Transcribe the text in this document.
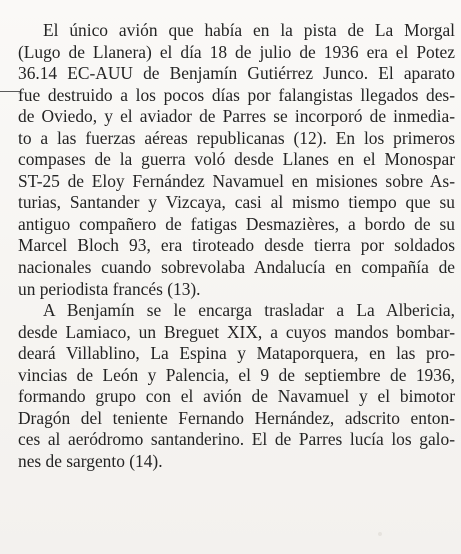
El único avión que había en la pista de La Morgal
(Lugo de Llanera) el día 18 de julio de 1936 era el Potez
36.14 EC-AUU de Benjamín Gutiérrez Junco. El aparato
fue destruido a los pocos días por falangistas llegados des-
de Oviedo, y el aviador de Parres se incorporó de inmedia-
to a las fuerzas aéreas republicanas (12). En los primeros
compases de la guerra voló desde Llanes en el Monospar
ST-25 de Eloy Fernández Navamuel en misiones sobre As-
turias, Santander y Vizcaya, casi al mismo tiempo que su
antiguo compañero de fatigas Desmazières, a bordo de su
Marcel Bloch 93, era tiroteado desde tierra por soldados
nacionales cuando sobrevolaba Andalucía en compañía de
un periodista francés (13).
A Benjamín se le encarga trasladar a La Albericia,
desde Lamiaco, un Breguet XIX, a cuyos mandos bombar-
deará Villablino, La Espina y Mataporquera, en las pro-
vincias de León y Palencia, el 9 de septiembre de 1936,
formando grupo con el avión de Navamuel y el bimotor
Dragón del teniente Fernando Hernández, adscrito enton-
ces al aeródromo santanderino. El de Parres lucía los galo-
nes de sargento (14).
